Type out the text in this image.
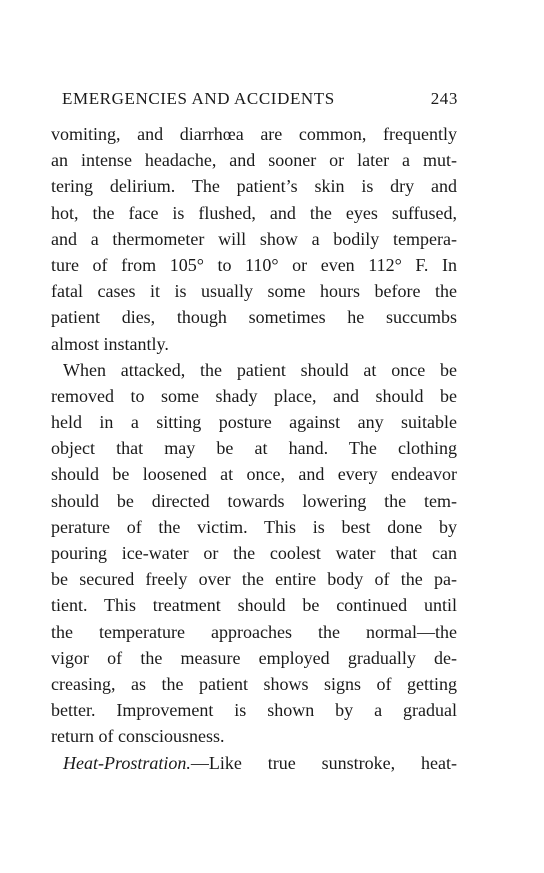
EMERGENCIES AND ACCIDENTS	243
vomiting, and diarrhœa are common, frequently
an intense headache, and sooner or later a mut-
tering delirium. The patient’s skin is dry and
hot, the face is flushed, and the eyes suffused,
and a thermometer will show a bodily tempera-
ture of from 105° to 110° or even 112° F. In
fatal cases it is usually some hours before the
patient dies, though sometimes he succumbs
almost instantly.
When attacked, the patient should at once be
removed to some shady place, and should be
held in a sitting posture against any suitable
object that may be at hand. The clothing
should be loosened at once, and every endeavor
should be directed towards lowering the tem-
perature of the victim. This is best done by
pouring ice-water or the coolest water that can
be secured freely over the entire body of the pa-
tient. This treatment should be continued until
the temperature approaches the normal—the
vigor of the measure employed gradually de-
creasing, as the patient shows signs of getting
better. Improvement is shown by a gradual
return of consciousness.
Heat-Prostration.—Like true sunstroke, heat-
